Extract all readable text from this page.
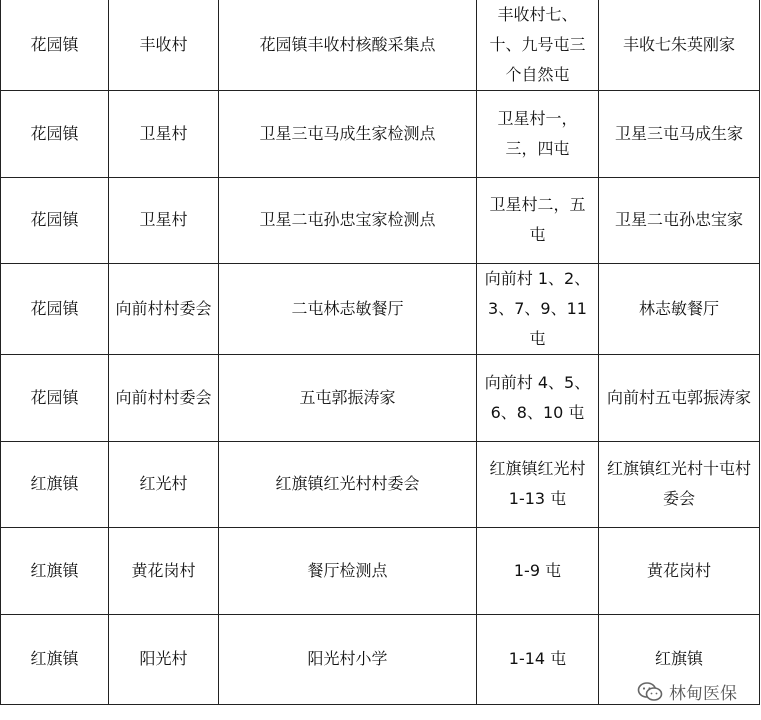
花园镇	丰收村	花园镇丰收村核酸采集点	丰收村七、十、九号屯三个自然屯	丰收七朱英刚家
花园镇	卫星村	卫星三屯马成生家检测点	卫星村一，三，四屯	卫星三屯马成生家
花园镇	卫星村	卫星二屯孙忠宝家检测点	卫星村二，五屯	卫星二屯孙忠宝家
花园镇	向前村村委会	二屯林志敏餐厅	向前村 1、2、3、7、9、11 屯	林志敏餐厅
花园镇	向前村村委会	五屯郭振涛家	向前村 4、5、6、8、10 屯	向前村五屯郭振涛家
红旗镇	红光村	红旗镇红光村村委会	红旗镇红光村 1-13 屯	红旗镇红光村十屯村委会
红旗镇	黄花岗村	餐厅检测点	1-9 屯	黄花岗村
红旗镇	阳光村	阳光村小学	1-14 屯	红旗镇
林甸医保
